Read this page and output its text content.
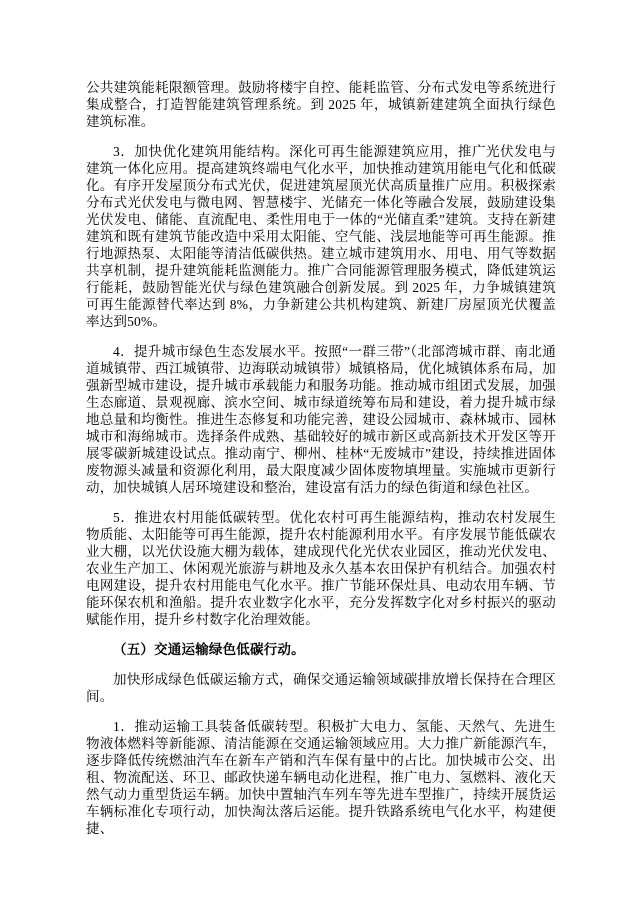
公共建筑能耗限额管理。鼓励将楼宇自控、能耗监管、分布式发电等系统进行集成整合，打造智能建筑管理系统。到 2025 年，城镇新建建筑全面执行绿色建筑标准。

3．加快优化建筑用能结构。深化可再生能源建筑应用，推广光伏发电与建筑一体化应用。提高建筑终端电气化水平，加快推动建筑用能电气化和低碳化。有序开发屋顶分布式光伏，促进建筑屋顶光伏高质量推广应用。积极探索分布式光伏发电与微电网、智慧楼宇、光储充一体化等融合发展，鼓励建设集光伏发电、储能、直流配电、柔性用电于一体的“光储直柔”建筑。支持在新建建筑和既有建筑节能改造中采用太阳能、空气能、浅层地能等可再生能源。推行地源热泵、太阳能等清洁低碳供热。建立城市建筑用水、用电、用气等数据共享机制，提升建筑能耗监测能力。推广合同能源管理服务模式，降低建筑运行能耗，鼓励智能光伏与绿色建筑融合创新发展。到 2025 年，力争城镇建筑可再生能源替代率达到 8%，力争新建公共机构建筑、新建厂房屋顶光伏覆盖率达到50%。

4．提升城市绿色生态发展水平。按照“一群三带”（北部湾城市群、南北通道城镇带、西江城镇带、边海联动城镇带）城镇格局，优化城镇体系布局，加强新型城市建设，提升城市承载能力和服务功能。推动城市组团式发展，加强生态廊道、景观视廊、滨水空间、城市绿道统筹布局和建设，着力提升城市绿地总量和均衡性。推进生态修复和功能完善，建设公园城市、森林城市、园林城市和海绵城市。选择条件成熟、基础较好的城市新区或高新技术开发区等开展零碳新城建设试点。推动南宁、柳州、桂林“无废城市”建设，持续推进固体废物源头减量和资源化利用，最大限度减少固体废物填埋量。实施城市更新行动，加快城镇人居环境建设和整治，建设富有活力的绿色街道和绿色社区。

5．推进农村用能低碳转型。优化农村可再生能源结构，推动农村发展生物质能、太阳能等可再生能源，提升农村能源利用水平。有序发展节能低碳农业大棚，以光伏设施大棚为载体，建成现代化光伏农业园区，推动光伏发电、农业生产加工、休闲观光旅游与耕地及永久基本农田保护有机结合。加强农村电网建设，提升农村用能电气化水平。推广节能环保灶具、电动农用车辆、节能环保农机和渔船。提升农业数字化水平，充分发挥数字化对乡村振兴的驱动赋能作用，提升乡村数字化治理效能。

（五）交通运输绿色低碳行动。

加快形成绿色低碳运输方式，确保交通运输领域碳排放增长保持在合理区间。

1．推动运输工具装备低碳转型。积极扩大电力、氢能、天然气、先进生物液体燃料等新能源、清洁能源在交通运输领域应用。大力推广新能源汽车，逐步降低传统燃油汽车在新车产销和汽车保有量中的占比。加快城市公交、出租、物流配送、环卫、邮政快递车辆电动化进程，推广电力、氢燃料、液化天然气动力重型货运车辆。加快中置轴汽车列车等先进车型推广，持续开展货运车辆标准化专项行动，加快淘汰落后运能。提升铁路系统电气化水平，构建便捷、
